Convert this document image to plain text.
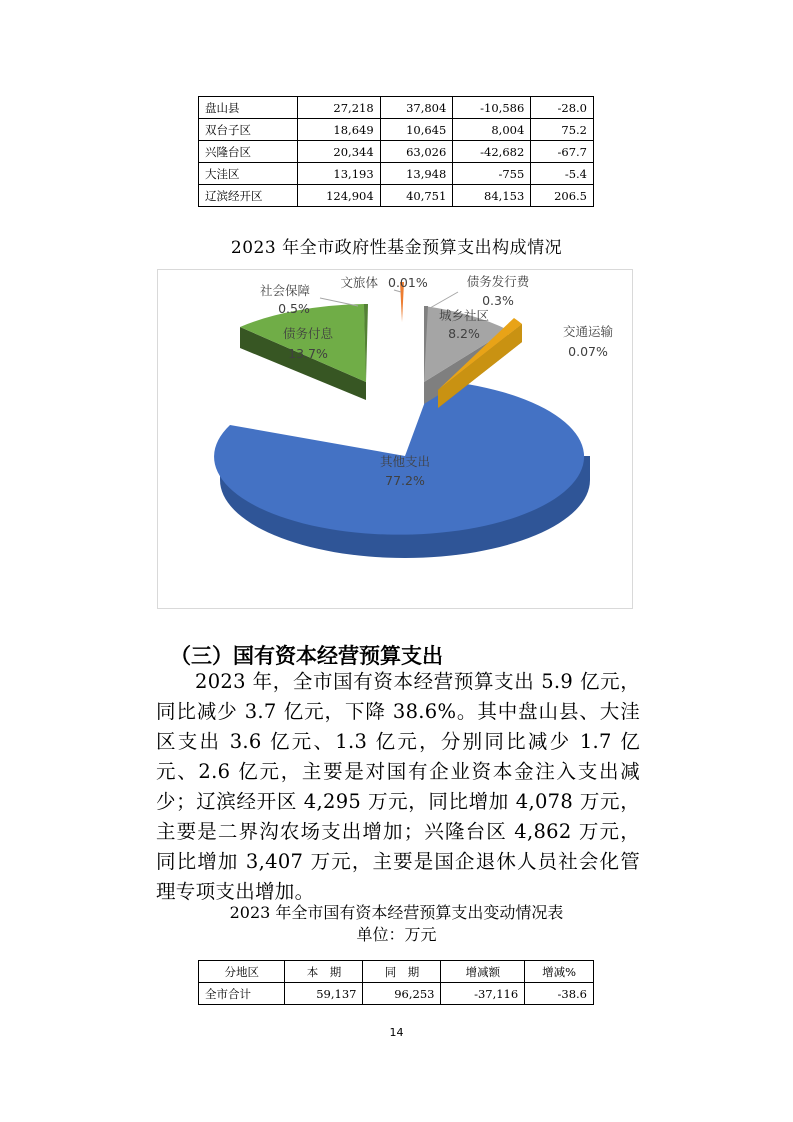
盘山县	27,218	37,804	-10,586	-28.0
双台子区	18,649	10,645	8,004	75.2
兴隆台区	20,344	63,026	-42,682	-67.7
大洼区	13,193	13,948	-755	-5.4
辽滨经开区	124,904	40,751	84,153	206.5
2023 年全市政府性基金预算支出构成情况
社会保障
0.5%
债务付息
13.7%
文旅体 0.01%	债务发行费
0.3%
城乡社区
8.2%	交通运输
0.07%
其他支出
77.2%
（三）国有资本经营预算支出
2023 年，全市国有资本经营预算支出 5.9 亿元，同比减少 3.7 亿元，下降 38.6%。其中盘山县、大洼区支出 3.6 亿元、1.3 亿元，分别同比减少 1.7 亿元、2.6 亿元，主要是对国有企业资本金注入支出减少；辽滨经开区 4,295 万元，同比增加 4,078 万元，主要是二界沟农场支出增加；兴隆台区 4,862 万元，同比增加 3,407 万元，主要是国企退休人员社会化管理专项支出增加。
2023 年全市国有资本经营预算支出变动情况表
单位：万元
分地区	本　期	同　期	增减额	增减%
全市合计	59,137	96,253	-37,116	-38.6
14
